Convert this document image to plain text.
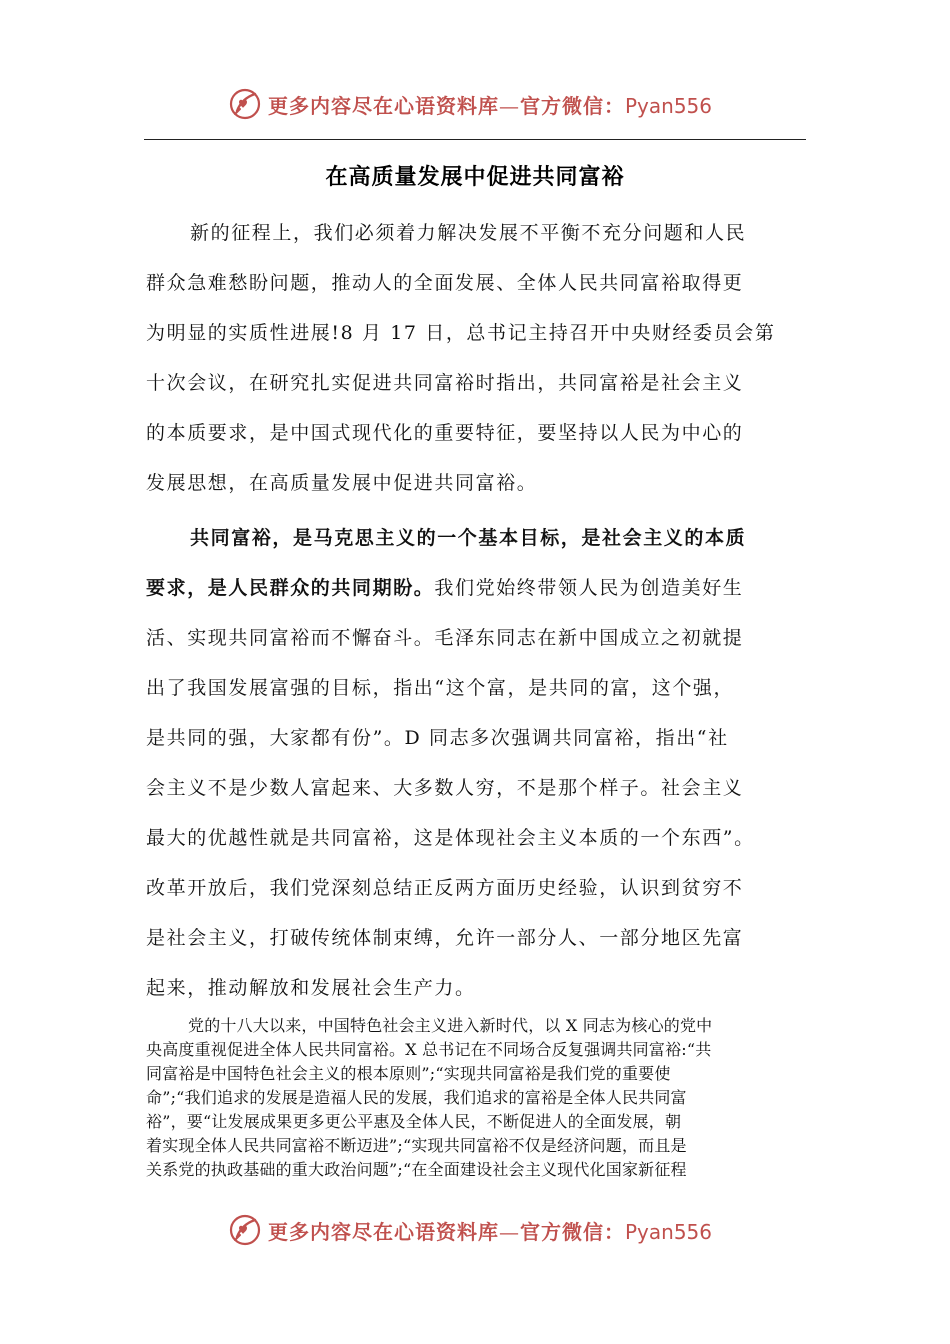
更多内容尽在心语资料库—官方微信：Pyan556
在高质量发展中促进共同富裕
新的征程上，我们必须着力解决发展不平衡不充分问题和人民
群众急难愁盼问题，推动人的全面发展、全体人民共同富裕取得更
为明显的实质性进展!8 月 17 日，总书记主持召开中央财经委员会第
十次会议，在研究扎实促进共同富裕时指出，共同富裕是社会主义
的本质要求，是中国式现代化的重要特征，要坚持以人民为中心的
发展思想，在高质量发展中促进共同富裕。
共同富裕，是马克思主义的一个基本目标，是社会主义的本质
要求，是人民群众的共同期盼。我们党始终带领人民为创造美好生
活、实现共同富裕而不懈奋斗。毛泽东同志在新中国成立之初就提
出了我国发展富强的目标，指出“这个富，是共同的富，这个强，
是共同的强，大家都有份”。D 同志多次强调共同富裕，指出“社
会主义不是少数人富起来、大多数人穷，不是那个样子。社会主义
最大的优越性就是共同富裕，这是体现社会主义本质的一个东西”。
改革开放后，我们党深刻总结正反两方面历史经验，认识到贫穷不
是社会主义，打破传统体制束缚，允许一部分人、一部分地区先富
起来，推动解放和发展社会生产力。
党的十八大以来，中国特色社会主义进入新时代，以 X 同志为核心的党中
央高度重视促进全体人民共同富裕。X 总书记在不同场合反复强调共同富裕:“共
同富裕是中国特色社会主义的根本原则”;“实现共同富裕是我们党的重要使
命”;“我们追求的发展是造福人民的发展，我们追求的富裕是全体人民共同富
裕”，要“让发展成果更多更公平惠及全体人民，不断促进人的全面发展，朝
着实现全体人民共同富裕不断迈进”;“实现共同富裕不仅是经济问题，而且是
关系党的执政基础的重大政治问题”;“在全面建设社会主义现代化国家新征程
更多内容尽在心语资料库—官方微信：Pyan556
